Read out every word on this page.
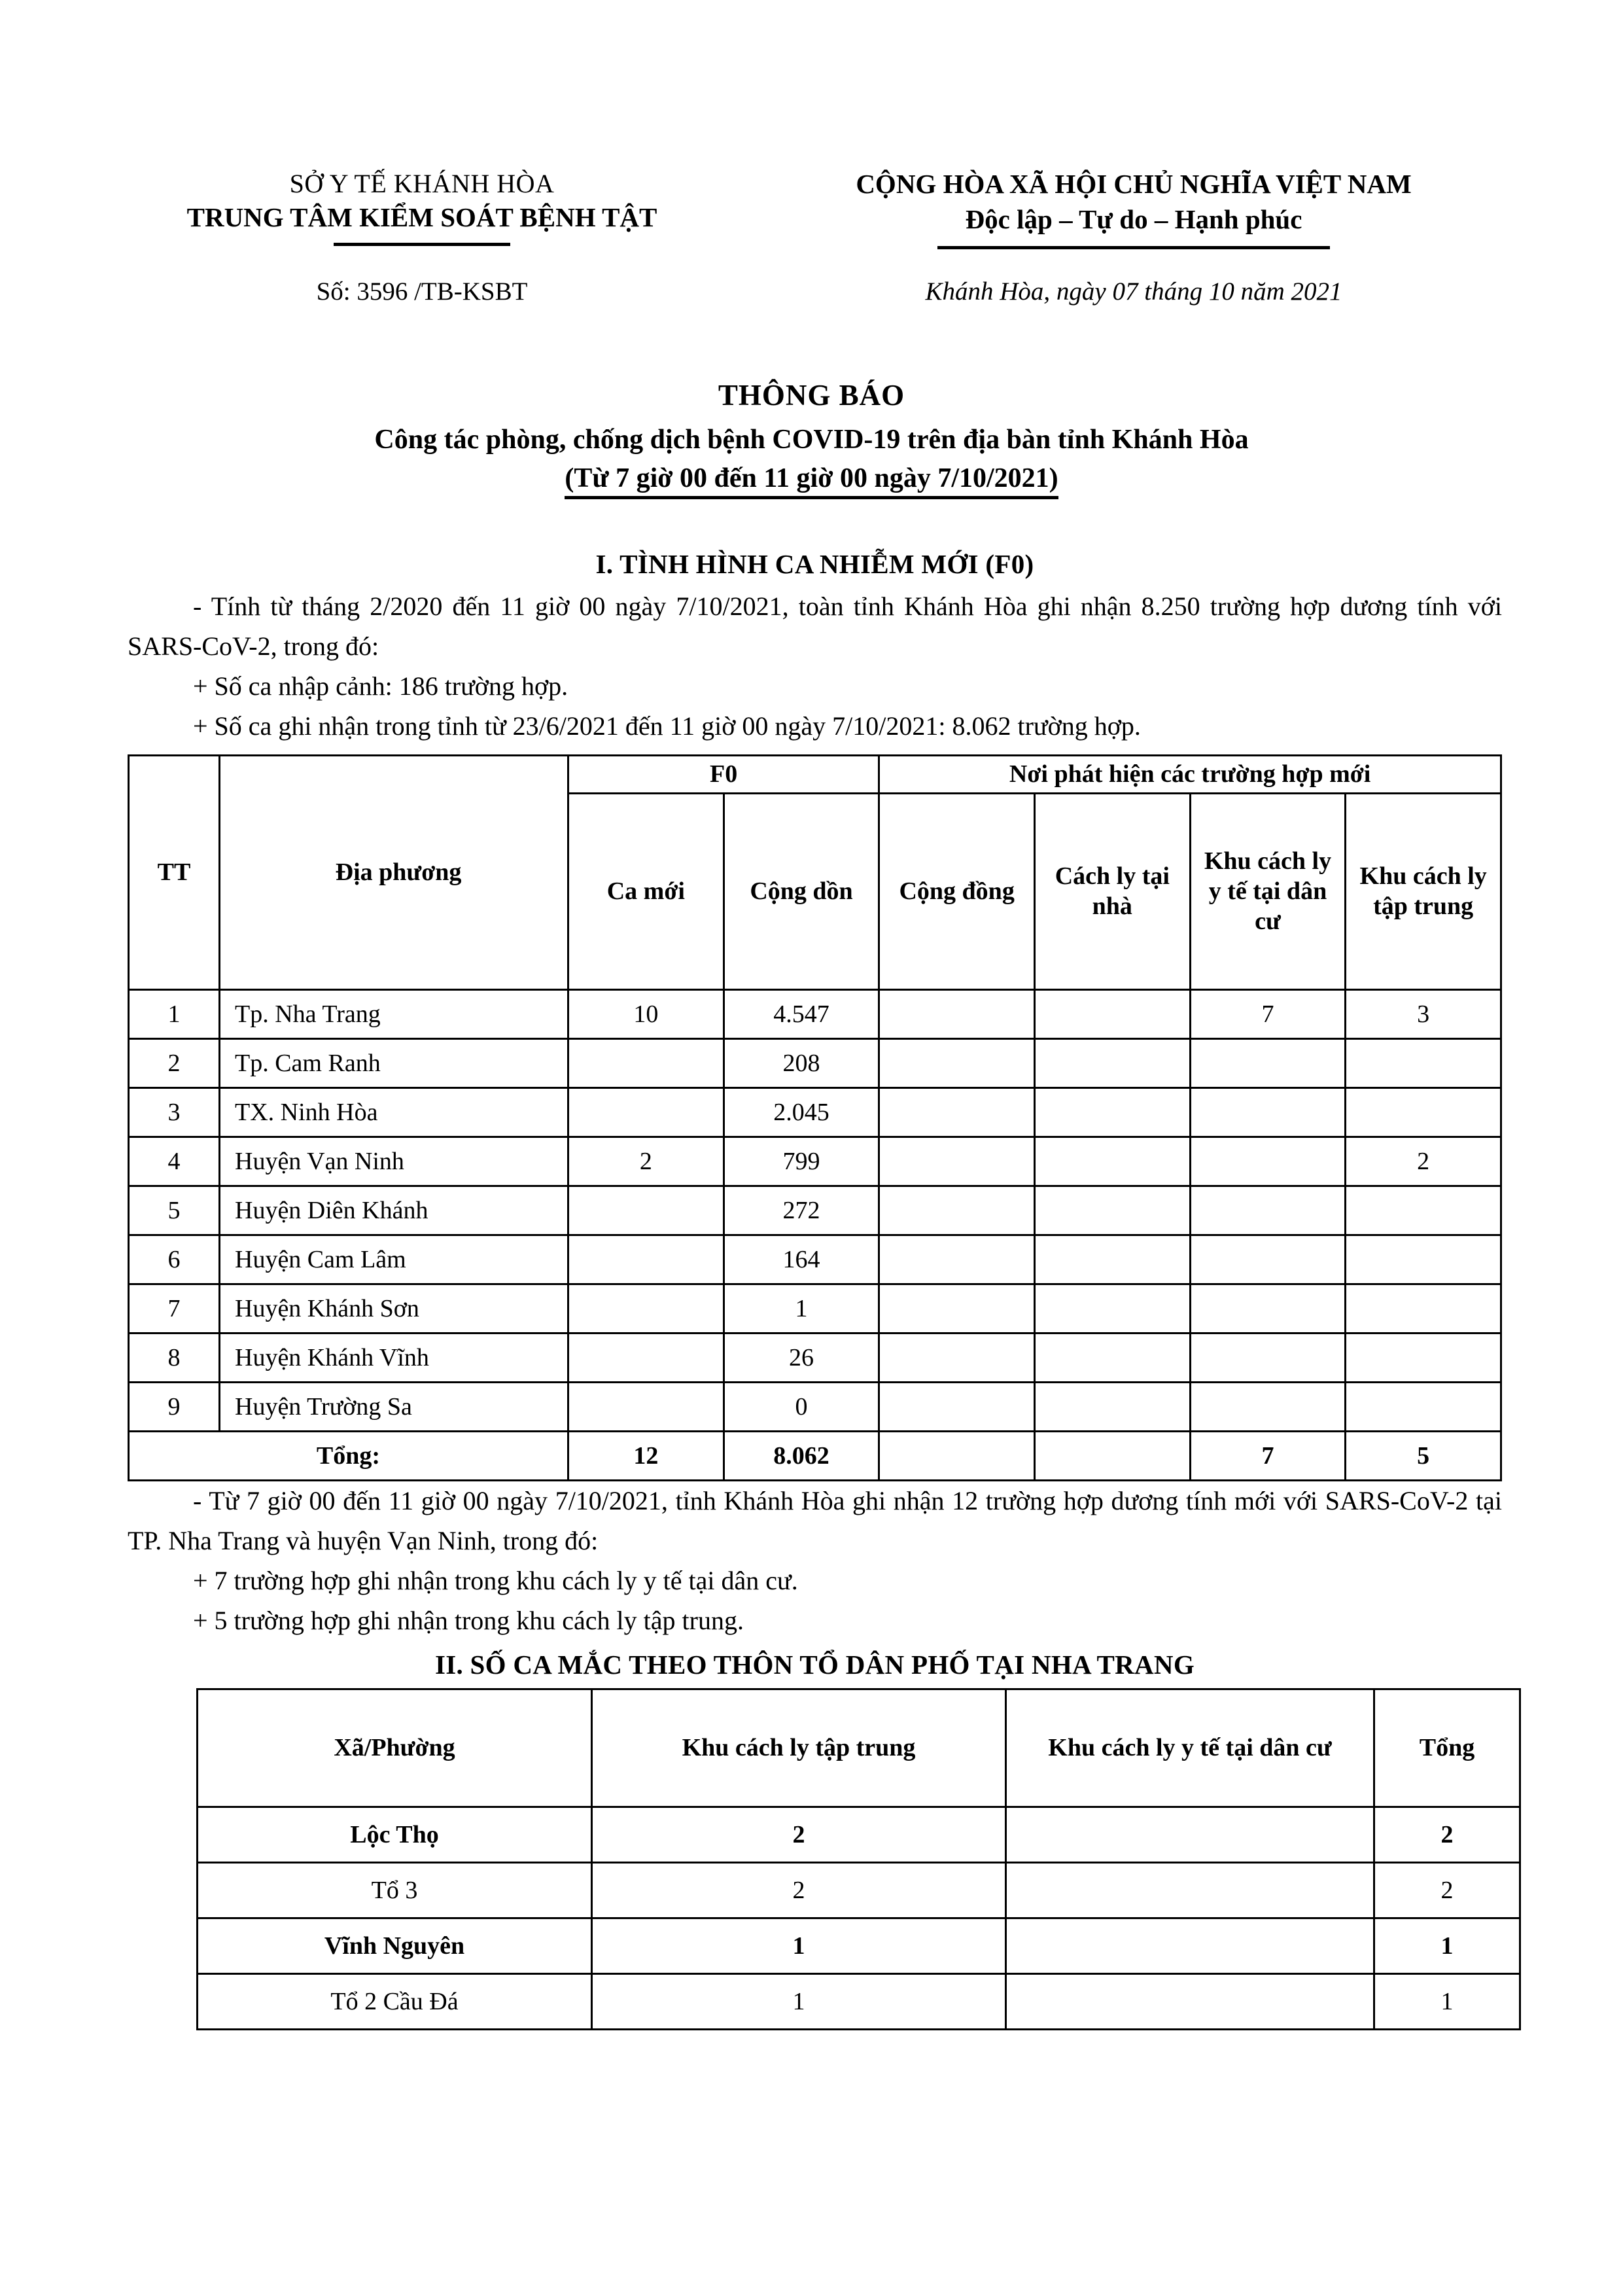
SỞ Y TẾ KHÁNH HÒA
TRUNG TÂM KIỂM SOÁT BỆNH TẬT
CỘNG HÒA XÃ HỘI CHỦ NGHĨA VIỆT NAM
Độc lập – Tự do – Hạnh phúc
Số: 3596 /TB-KSBT	Khánh Hòa, ngày 07 tháng 10 năm 2021
THÔNG BÁO
Công tác phòng, chống dịch bệnh COVID-19 trên địa bàn tỉnh Khánh Hòa
(Từ 7 giờ 00 đến 11 giờ 00 ngày 7/10/2021)
I. TÌNH HÌNH CA NHIỄM MỚI (F0)

- Tính từ tháng 2/2020 đến 11 giờ 00 ngày 7/10/2021, toàn tỉnh Khánh Hòa ghi nhận 8.250 trường hợp dương tính với SARS-CoV-2, trong đó:

+ Số ca nhập cảnh: 186 trường hợp.

+ Số ca ghi nhận trong tỉnh từ 23/6/2021 đến 11 giờ 00 ngày 7/10/2021: 8.062 trường hợp.

TT	Địa phương	F0		Nơi phát hiện các trường hợp mới			
		Ca mới	Cộng dồn	Cộng đồng	Cách ly tại nhà	Khu cách ly y tế tại dân cư	Khu cách ly tập trung
1	Tp. Nha Trang	10	4.547			7	3
2	Tp. Cam Ranh		208				
3	TX. Ninh Hòa		2.045				
4	Huyện Vạn Ninh	2	799				2
5	Huyện Diên Khánh		272				
6	Huyện Cam Lâm		164				
7	Huyện Khánh Sơn		1				
8	Huyện Khánh Vĩnh		26				
9	Huyện Trường Sa		0				
Tổng:		12	8.062			7	5

- Từ 7 giờ 00 đến 11 giờ 00 ngày 7/10/2021, tỉnh Khánh Hòa ghi nhận 12 trường hợp dương tính mới với SARS-CoV-2 tại TP. Nha Trang và huyện Vạn Ninh, trong đó:

+ 7 trường hợp ghi nhận trong khu cách ly y tế tại dân cư.

+ 5 trường hợp ghi nhận trong khu cách ly tập trung.

II. SỐ CA MẮC THEO THÔN TỔ DÂN PHỐ TẠI NHA TRANG
Xã/Phường	Khu cách ly tập trung	Khu cách ly y tế tại dân cư	Tổng
Lộc Thọ	2		2
Tổ 3	2		2
Vĩnh Nguyên	1		1
Tổ 2 Cầu Đá	1		1
